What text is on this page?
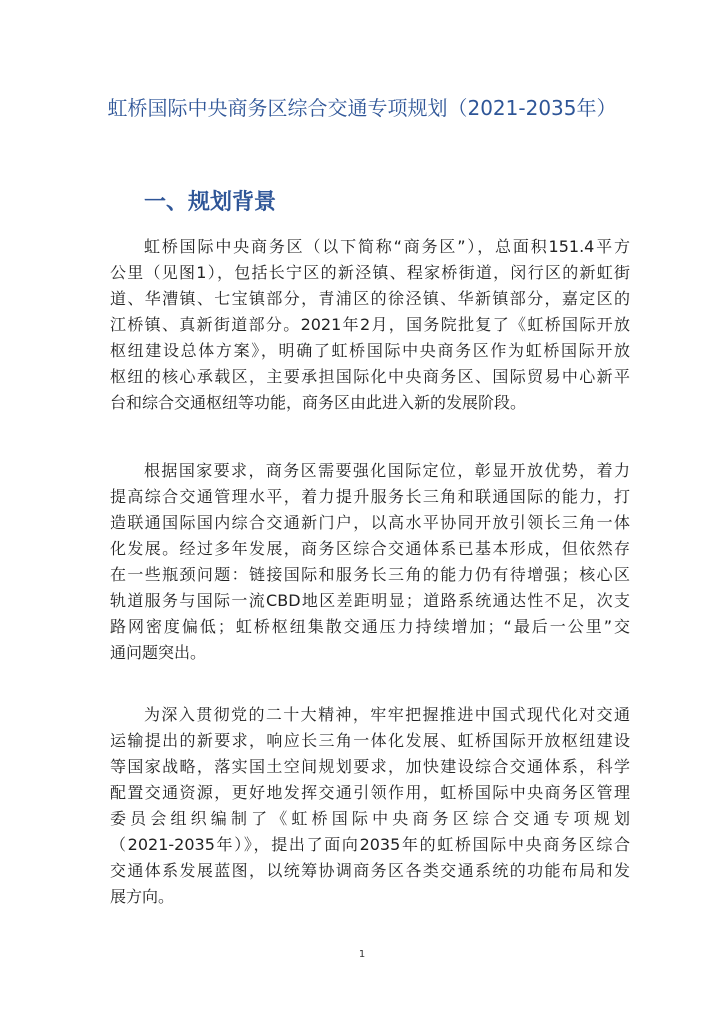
虹桥国际中央商务区综合交通专项规划（2021-2035年）
一、规划背景
虹桥国际中央商务区（以下简称“商务区”），总面积151.4平方
公里（见图1），包括长宁区的新泾镇、程家桥街道，闵行区的新虹街
道、华漕镇、七宝镇部分，青浦区的徐泾镇、华新镇部分，嘉定区的
江桥镇、真新街道部分。2021年2月，国务院批复了《虹桥国际开放
枢纽建设总体方案》，明确了虹桥国际中央商务区作为虹桥国际开放
枢纽的核心承载区，主要承担国际化中央商务区、国际贸易中心新平
台和综合交通枢纽等功能，商务区由此进入新的发展阶段。
根据国家要求，商务区需要强化国际定位，彰显开放优势，着力
提高综合交通管理水平，着力提升服务长三角和联通国际的能力，打
造联通国际国内综合交通新门户，以高水平协同开放引领长三角一体
化发展。经过多年发展，商务区综合交通体系已基本形成，但依然存
在一些瓶颈问题：链接国际和服务长三角的能力仍有待增强；核心区
轨道服务与国际一流CBD地区差距明显；道路系统通达性不足，次支
路网密度偏低；虹桥枢纽集散交通压力持续增加；“最后一公里”交
通问题突出。
为深入贯彻党的二十大精神，牢牢把握推进中国式现代化对交通
运输提出的新要求，响应长三角一体化发展、虹桥国际开放枢纽建设
等国家战略，落实国土空间规划要求，加快建设综合交通体系，科学
配置交通资源，更好地发挥交通引领作用，虹桥国际中央商务区管理
委员会组织编制了《虹桥国际中央商务区综合交通专项规划
（2021-2035年）》，提出了面向2035年的虹桥国际中央商务区综合
交通体系发展蓝图，以统筹协调商务区各类交通系统的功能布局和发
展方向。
1
